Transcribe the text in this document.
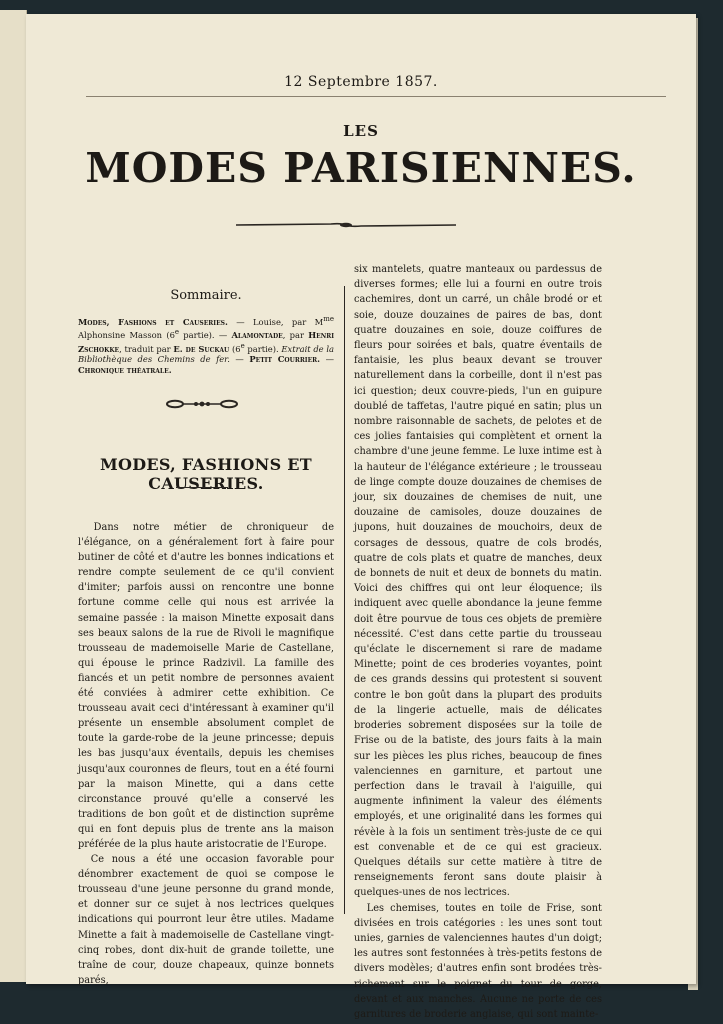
12 Septembre 1857.
LES
MODES PARISIENNES.
Sommaire.
Modes, Fashions et Causeries. — Louise, par $M^{me}$ Alphonsine Masson (6e partie). — Alamontade, par Henri Zschokke, traduit par E. de Suckau (6e partie). Extrait de la Bibliothèque des Chemins de fer. — Petit Courrier. — Chronique théatrale.
MODES, FASHIONS ET CAUSERIES.

Dans notre métier de chroniqueur de l'élégance, on a généralement fort à faire pour butiner de côté et d'autre les bonnes indications et rendre compte seulement de ce qu'il convient d'imiter; parfois aussi on rencontre une bonne fortune comme celle qui nous est arrivée la semaine passée : la maison Minette exposait dans ses beaux salons de la rue de Rivoli le magnifique trousseau de mademoiselle Marie de Castellane, qui épouse le prince Radzivil. La famille des fiancés et un petit nombre de personnes avaient été conviées à admirer cette exhibition. Ce trousseau avait ceci d'intéressant à examiner qu'il présente un ensemble absolument complet de toute la garde-robe de la jeune princesse; depuis les bas jusqu'aux éventails, depuis les chemises jusqu'aux couronnes de fleurs, tout en a été fourni par la maison Minette, qui a dans cette circonstance prouvé qu'elle a conservé les traditions de bon goût et de distinction suprême qui en font depuis plus de trente ans la maison préférée de la plus haute aristocratie de l'Europe.

Ce nous a été une occasion favorable pour dénombrer exactement de quoi se compose le trousseau d'une jeune personne du grand monde, et donner sur ce sujet à nos lectrices quelques indications qui pourront leur être utiles. Madame Minette a fait à mademoiselle de Castellane vingt-cinq robes, dont dix-huit de grande toilette, une traîne de cour, douze chapeaux, quinze bonnets parés,

six mantelets, quatre manteaux ou pardessus de diverses formes; elle lui a fourni en outre trois cachemires, dont un carré, un châle brodé or et soie, douze douzaines de paires de bas, dont quatre douzaines en soie, douze coiffures de fleurs pour soirées et bals, quatre éventails de fantaisie, les plus beaux devant se trouver naturellement dans la corbeille, dont il n'est pas ici question; deux couvre-pieds, l'un en guipure doublé de taffetas, l'autre piqué en satin; plus un nombre raisonnable de sachets, de pelotes et de ces jolies fantaisies qui complètent et ornent la chambre d'une jeune femme. Le luxe intime est à la hauteur de l'élégance extérieure ; le trousseau de linge compte douze douzaines de chemises de jour, six douzaines de chemises de nuit, une douzaine de camisoles, douze douzaines de jupons, huit douzaines de mouchoirs, deux de corsages de dessous, quatre de cols brodés, quatre de cols plats et quatre de manches, deux de bonnets de nuit et deux de bonnets du matin. Voici des chiffres qui ont leur éloquence; ils indiquent avec quelle abondance la jeune femme doit être pourvue de tous ces objets de première nécessité. C'est dans cette partie du trousseau qu'éclate le discernement si rare de madame Minette; point de ces broderies voyantes, point de ces grands dessins qui protestent si souvent contre le bon goût dans la plupart des produits de la lingerie actuelle, mais de délicates broderies sobrement disposées sur la toile de Frise ou de la batiste, des jours faits à la main sur les pièces les plus riches, beaucoup de fines valenciennes en garniture, et partout une perfection dans le travail à l'aiguille, qui augmente infiniment la valeur des éléments employés, et une originalité dans les formes qui révèle à la fois un sentiment très-juste de ce qui est convenable et de ce qui est gracieux. Quelques détails sur cette matière à titre de renseignements feront sans doute plaisir à quelques-unes de nos lectrices.

Les chemises, toutes en toile de Frise, sont divisées en trois catégories : les unes sont tout unies, garnies de valenciennes hautes d'un doigt; les autres sont festonnées à très-petits festons de divers modèles; d'autres enfin sont brodées très-richement sur le poignet du tour de gorge, devant et aux manches. Aucune ne porte de ces garnitures de broderie anglaise, qui sont mainte-
